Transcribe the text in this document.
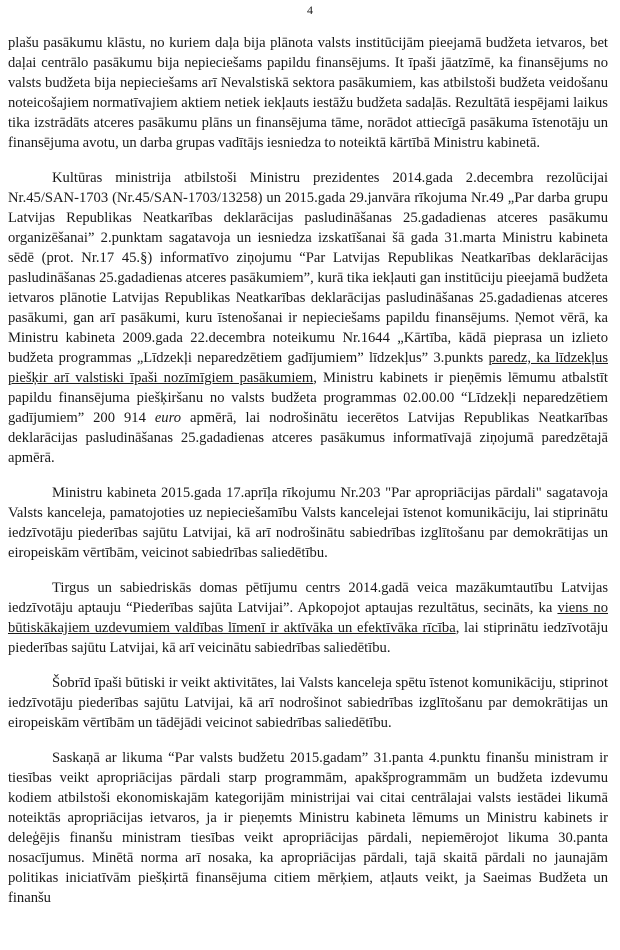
4

plašu pasākumu klāstu, no kuriem daļa bija plānota valsts institūcijām pieejamā budžeta ietvaros, bet daļai centrālo pasākumu bija nepieciešams papildu finansējums. It īpaši jāatzīmē, ka finansējums no valsts budžeta bija nepieciešams arī Nevalstiskā sektora pasākumiem, kas atbilstoši budžeta veidošanu noteicošajiem normatīvajiem aktiem netiek iekļauts iestāžu budžeta sadaļās. Rezultātā iespējami laikus tika izstrādāts atceres pasākumu plāns un finansējuma tāme, norādot attiecīgā pasākuma īstenotāju un finansējuma avotu, un darba grupas vadītājs iesniedza to noteiktā kārtībā Ministru kabinetā.

Kultūras ministrija atbilstoši Ministru prezidentes 2014.gada 2.decembra rezolūcijai Nr.45/SAN-1703 (Nr.45/SAN-1703/13258) un 2015.gada 29.janvāra rīkojuma Nr.49 „Par darba grupu Latvijas Republikas Neatkarības deklarācijas pasludināšanas 25.gadadienas atceres pasākumu organizēšanai” 2.punktam sagatavoja un iesniedza izskatīšanai šā gada 31.marta Ministru kabineta sēdē (prot. Nr.17 45.§) informatīvo ziņojumu “Par Latvijas Republikas Neatkarības deklarācijas pasludināšanas 25.gadadienas atceres pasākumiem”, kurā tika iekļauti gan institūciju pieejamā budžeta ietvaros plānotie Latvijas Republikas Neatkarības deklarācijas pasludināšanas 25.gadadienas atceres pasākumi, gan arī pasākumi, kuru īstenošanai ir nepieciešams papildu finansējums. Ņemot vērā, ka Ministru kabineta 2009.gada 22.decembra noteikumu Nr.1644 „Kārtība, kādā pieprasa un izlieto budžeta programmas „Līdzekļi neparedzētiem gadījumiem” līdzekļus” 3.punkts paredz, ka līdzekļus piešķir arī valstiski īpaši nozīmīgiem pasākumiem, Ministru kabinets ir pieņēmis lēmumu atbalstīt papildu finansējuma piešķiršanu no valsts budžeta programmas 02.00.00 “Līdzekļi neparedzētiem gadījumiem” 200 914 euro apmērā, lai nodrošinātu iecerētos Latvijas Republikas Neatkarības deklarācijas pasludināšanas 25.gadadienas atceres pasākumus informatīvajā ziņojumā paredzētajā apmērā.

Ministru kabineta 2015.gada 17.aprīļa rīkojumu Nr.203 "Par apropriācijas pārdali" sagatavoja Valsts kanceleja, pamatojoties uz nepieciešamību Valsts kancelejai īstenot komunikāciju, lai stiprinātu iedzīvotāju piederības sajūtu Latvijai, kā arī nodrošinātu sabiedrības izglītošanu par demokrātijas un eiropeiskām vērtībām, veicinot sabiedrības saliedētību.

Tirgus un sabiedriskās domas pētījumu centrs 2014.gadā veica mazākumtautību Latvijas iedzīvotāju aptauju “Piederības sajūta Latvijai”. Apkopojot aptaujas rezultātus, secināts, ka viens no būtiskākajiem uzdevumiem valdības līmenī ir aktīvāka un efektīvāka rīcība, lai stiprinātu iedzīvotāju piederības sajūtu Latvijai, kā arī veicinātu sabiedrības saliedētību.

Šobrīd īpaši būtiski ir veikt aktivitātes, lai Valsts kanceleja spētu īstenot komunikāciju, stiprinot iedzīvotāju piederības sajūtu Latvijai, kā arī nodrošinot sabiedrības izglītošanu par demokrātijas un eiropeiskām vērtībām un tādējādi veicinot sabiedrības saliedētību.

Saskaņā ar likuma “Par valsts budžetu 2015.gadam” 31.panta 4.punktu finanšu ministram ir tiesības veikt apropriācijas pārdali starp programmām, apakšprogrammām un budžeta izdevumu kodiem atbilstoši ekonomiskajām kategorijām ministrijai vai citai centrālajai valsts iestādei likumā noteiktās apropriācijas ietvaros, ja ir pieņemts Ministru kabineta lēmums un Ministru kabinets ir deleģējis finanšu ministram tiesības veikt apropriācijas pārdali, nepiemērojot likuma 30.panta nosacījumus. Minētā norma arī nosaka, ka apropriācijas pārdali, tajā skaitā pārdali no jaunajām politikas iniciatīvām piešķirtā finansējuma citiem mērķiem, atļauts veikt, ja Saeimas Budžeta un finanšu
